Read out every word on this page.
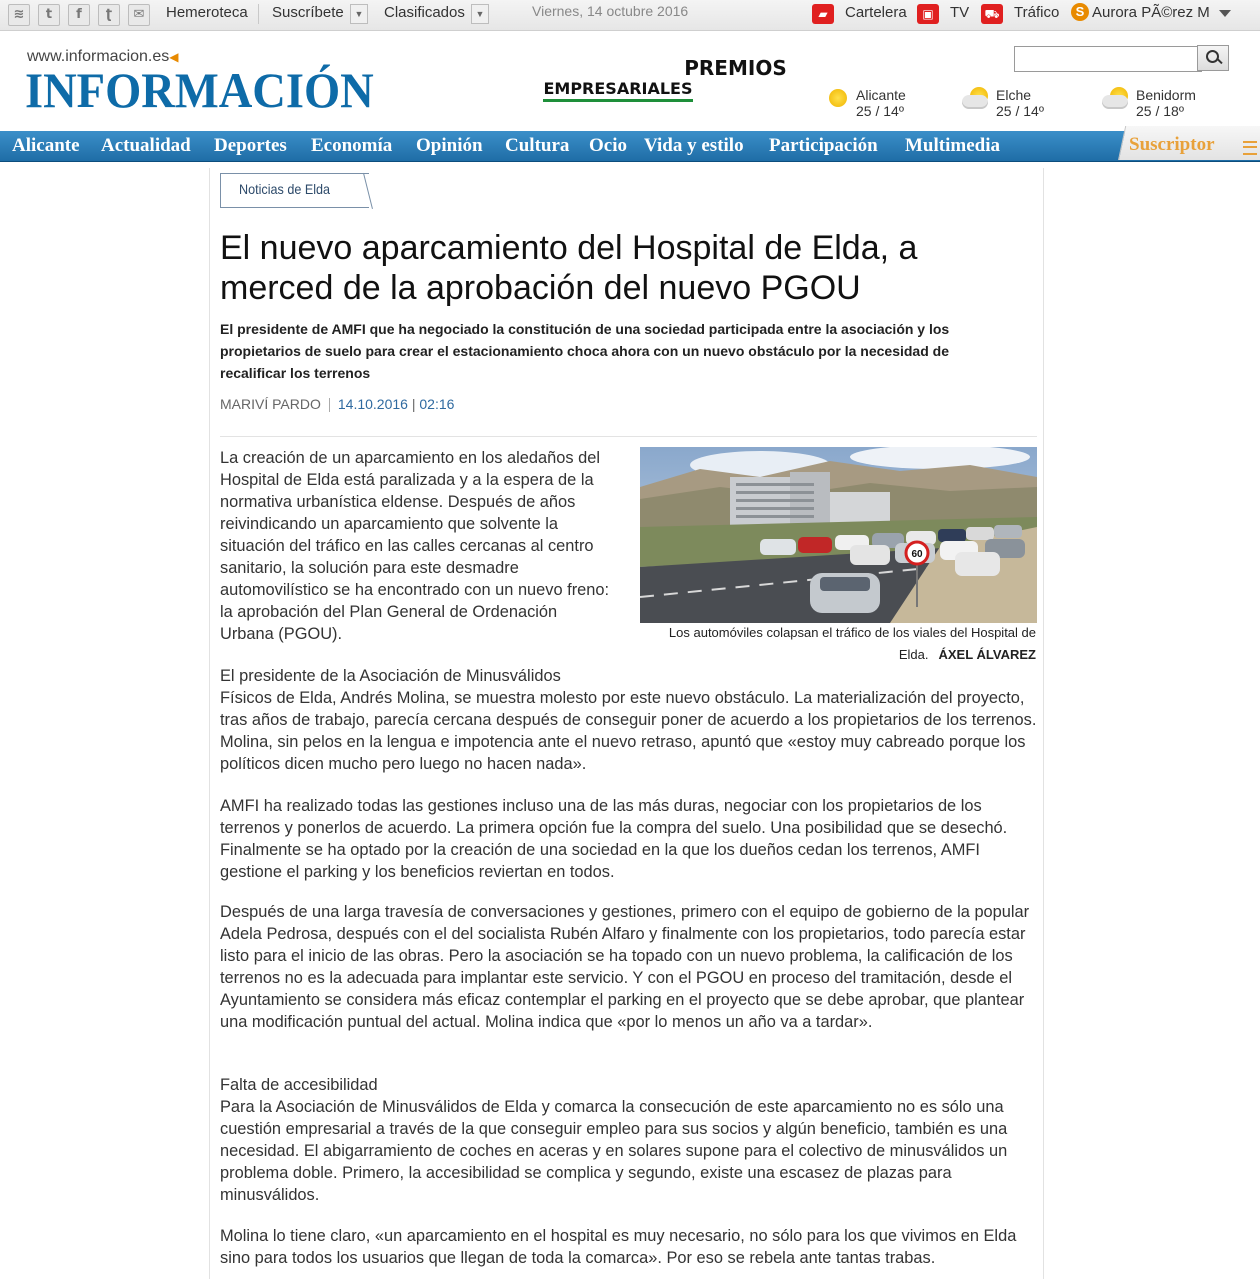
≋	t	f	ʈ	✉	Hemeroteca Suscríbete	▼	Clasificados	▼	Viernes, 14 octubre 2016	▰	Cartelera	▣	TV ⛟ Tráfico	S Aurora PÃ©rez M
www.informacion.es◀
INFORMACIÓN	PREMIOS
EMPRESARIALES	Alicante
25 / 14º
Elche
25 / 14º
Benidorm
25 / 18º
Alicante Actualidad Deportes Economía Opinión Cultura Ocio Vida y estilo Participación Multimedia	Suscriptor
Noticias de Elda
El nuevo aparcamiento del Hospital de Elda, a merced de la aprobación del nuevo PGOU
El presidente de AMFI que ha negociado la constitución de una sociedad participada entre la asociación y los propietarios de suelo para crear el estacionamiento choca ahora con un nuevo obstáculo por la necesidad de recalificar los terrenos
MARIVÍ PARDO 14.10.2016 | 02:16
60
Los automóviles colapsan el tráfico de los viales del Hospital de Elda. ÁXEL ÁLVAREZ
La creación de un aparcamiento en los aledaños del Hospital de Elda está paralizada y a la espera de la normativa urbanística eldense. Después de años reivindicando un aparcamiento que solvente la situación del tráfico en las calles cercanas al centro sanitario, la solución para este desmadre automovilístico se ha encontrado con un nuevo freno: la aprobación del Plan General de Ordenación Urbana (PGOU).
El presidente de la Asociación de Minusválidos
Físicos de Elda, Andrés Molina, se muestra molesto por este nuevo obstáculo. La materialización del proyecto, tras años de trabajo, parecía cercana después de conseguir poner de acuerdo a los propietarios de los terrenos. Molina, sin pelos en la lengua e impotencia ante el nuevo retraso, apuntó que «estoy muy cabreado porque los políticos dicen mucho pero luego no hacen nada».
AMFI ha realizado todas las gestiones incluso una de las más duras, negociar con los propietarios de los terrenos y ponerlos de acuerdo. La primera opción fue la compra del suelo. Una posibilidad que se desechó. Finalmente se ha optado por la creación de una sociedad en la que los dueños cedan los terrenos, AMFI gestione el parking y los beneficios reviertan en todos.
Después de una larga travesía de conversaciones y gestiones, primero con el equipo de gobierno de la popular Adela Pedrosa, después con el del socialista Rubén Alfaro y finalmente con los propietarios, todo parecía estar listo para el inicio de las obras. Pero la asociación se ha topado con un nuevo problema, la calificación de los terrenos no es la adecuada para implantar este servicio. Y con el PGOU en proceso del tramitación, desde el Ayuntamiento se considera más eficaz contemplar el parking en el proyecto que se debe aprobar, que plantear una modificación puntual del actual. Molina indica que «por lo menos un año va a tardar».
Falta de accesibilidad
Para la Asociación de Minusválidos de Elda y comarca la consecución de este aparcamiento no es sólo una cuestión empresarial a través de la que conseguir empleo para sus socios y algún beneficio, también es una necesidad. El abigarramiento de coches en aceras y en solares supone para el colectivo de minusválidos un problema doble. Primero, la accesibilidad se complica y segundo, existe una escasez de plazas para minusválidos.
Molina lo tiene claro, «un aparcamiento en el hospital es muy necesario, no sólo para los que vivimos en Elda sino para todos los usuarios que llegan de toda la comarca». Por eso se rebela ante tantas trabas.
